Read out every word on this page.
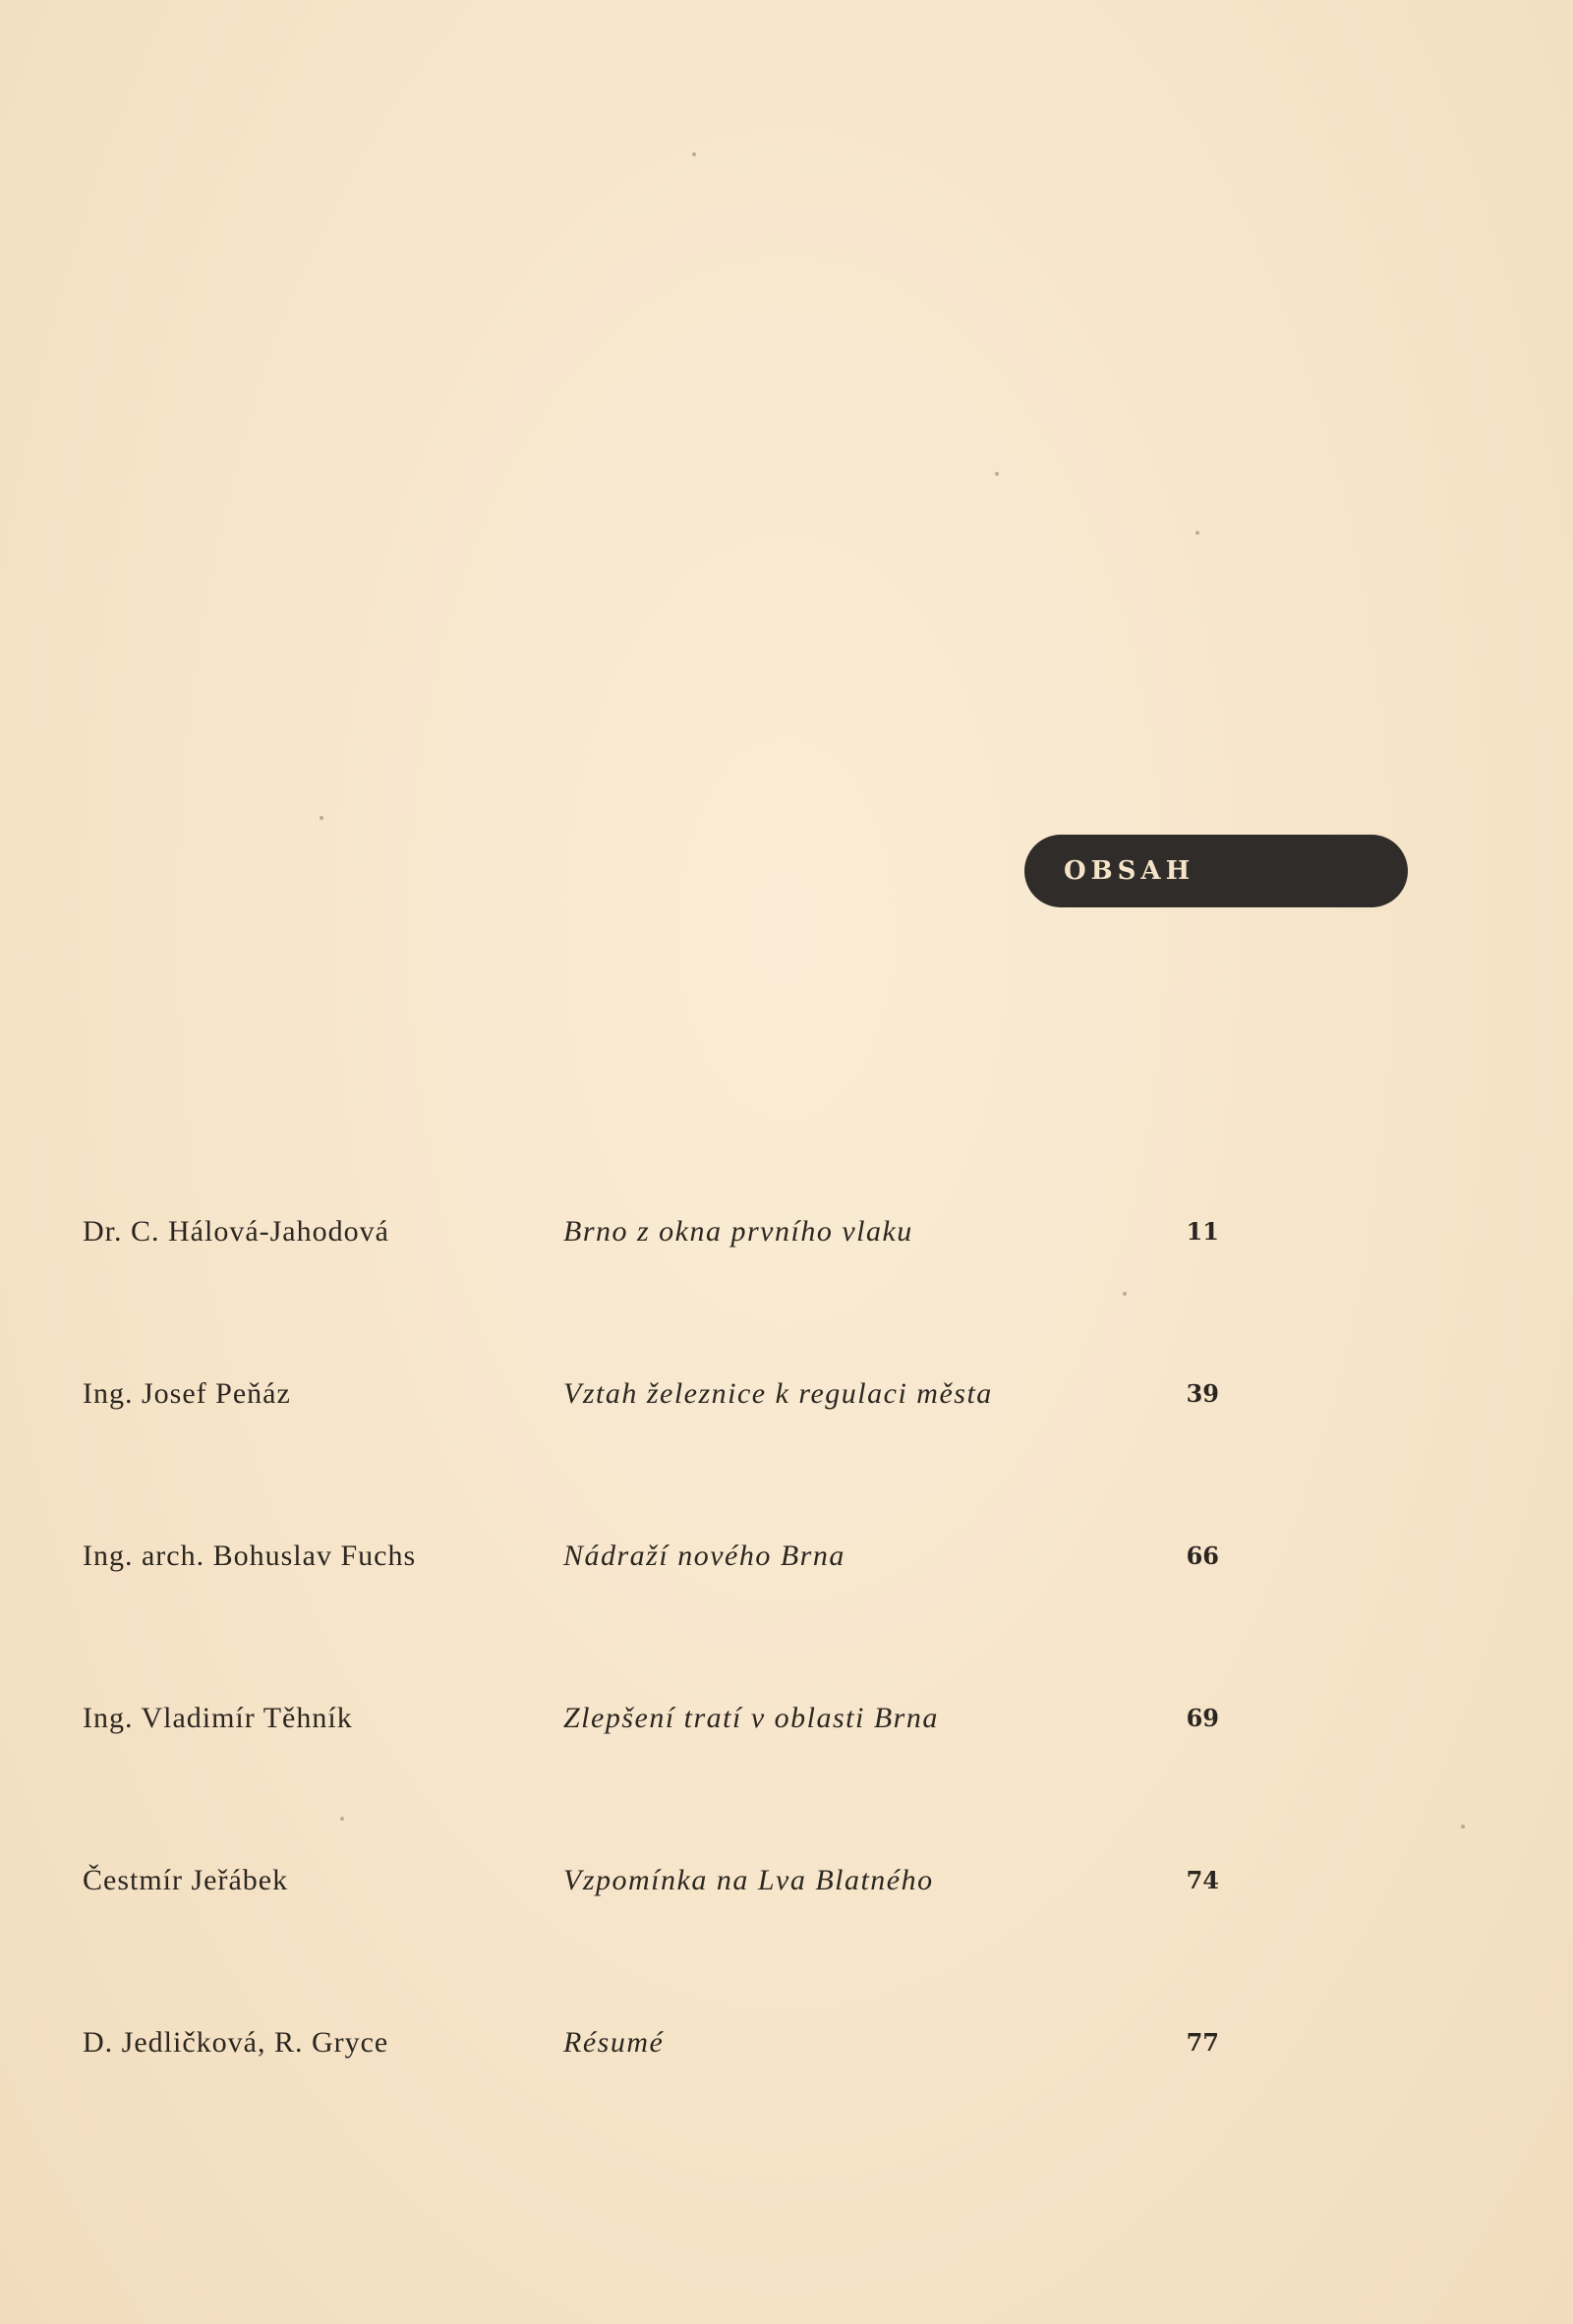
OBSAH
Dr. C. Hálová-Jahodová	Brno z okna prvního vlaku	11
Ing. Josef Peňáz	Vztah železnice k regulaci města	39
Ing. arch. Bohuslav Fuchs	Nádraží nového Brna	66
Ing. Vladimír Těhník	Zlepšení tratí v oblasti Brna	69
Čestmír Jeřábek	Vzpomínka na Lva Blatného	74
D. Jedličková, R. Gryce	Résumé	77
